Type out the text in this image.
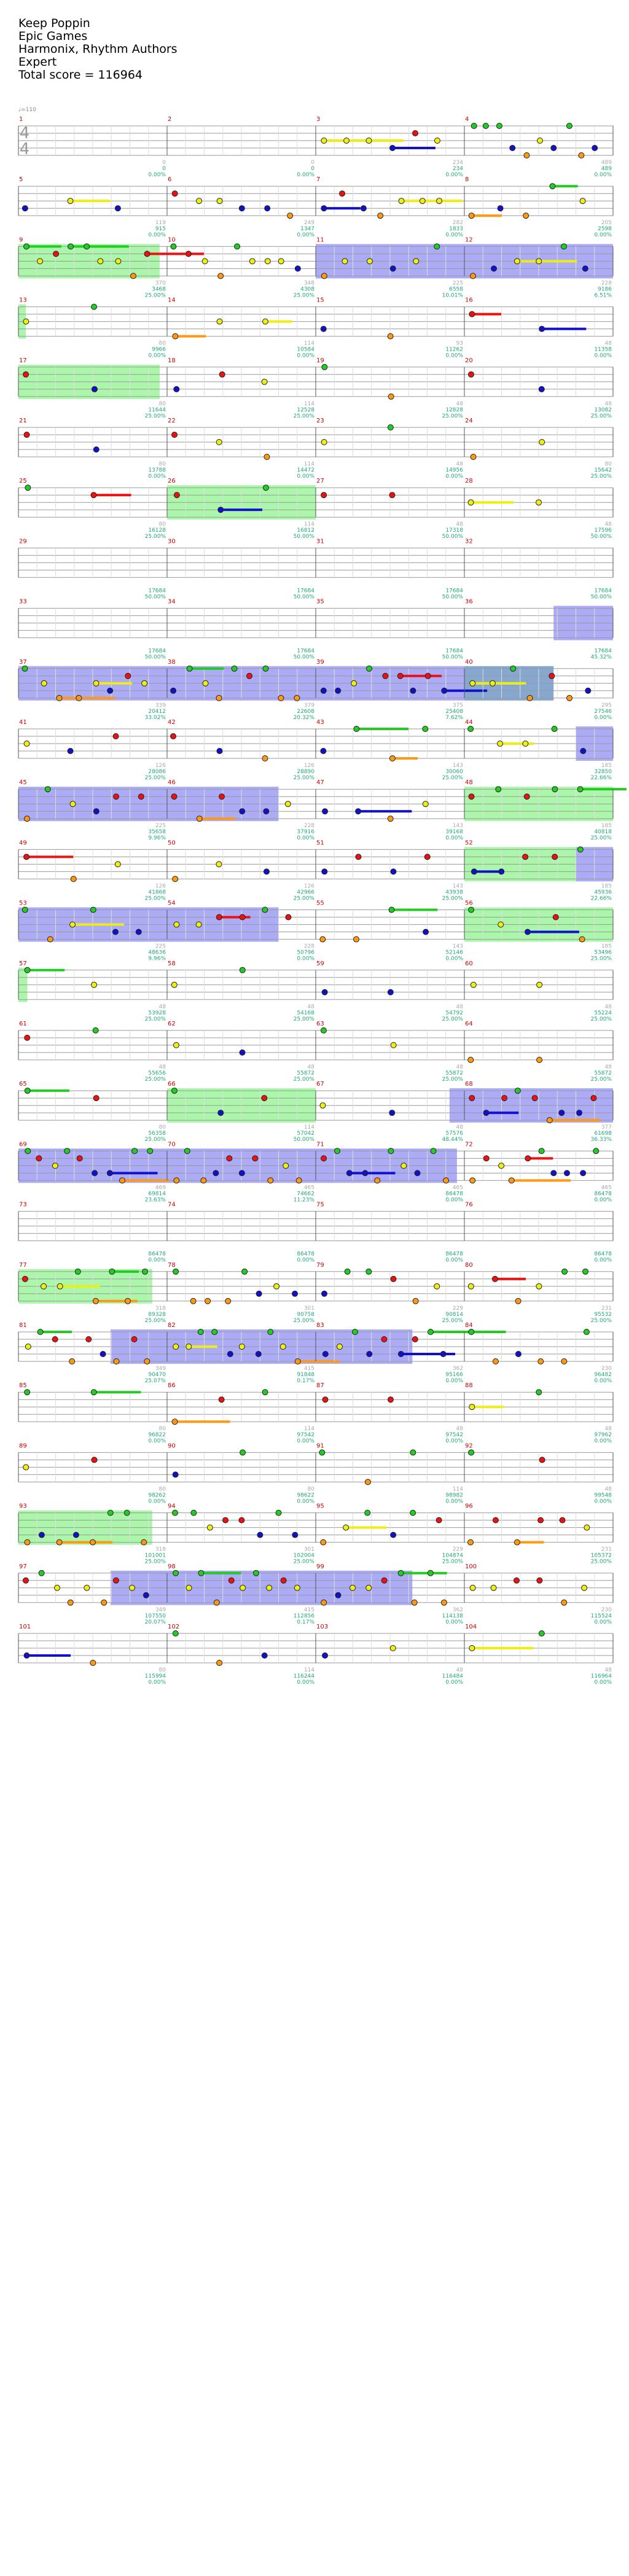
Keep Poppin
Epic Games
Harmonix, Rhythm Authors
Expert
Total score = 116964
1
0
0
0.00%
2
0
0
0.00%
3
234
234
0.00%
4
489
489
0.00%
5
119
915
0.00%
6
249
1347
0.00%
7
282
1833
0.00%
8
205
2598
0.00%
9
370
3468
25.00%
10
348
4308
25.00%
11
225
6558
10.01%
12
228
9186
6.51%
13
80
9966
0.00%
14
114
10584
0.00%
15
93
11262
0.00%
16
48
11358
0.00%
17
80
11644
25.00%
18
114
12528
25.00%
19
48
12828
25.00%
20
48
13082
25.00%
21
80
13788
0.00%
22
114
14472
0.00%
23
48
14956
0.00%
24
80
15642
25.00%
25
80
16128
25.00%
26
114
16812
50.00%
27
48
17318
50.00%
28
48
17596
50.00%
29
17684
50.00%
30
17684
50.00%
31
17684
50.00%
32
17684
50.00%
33
17684
50.00%
34
17684
50.00%
35
17684
50.00%
36
17684
45.32%
37
339
20412
33.02%
38
379
22608
20.32%
39
375
25408
7.62%
40
295
27546
0.00%
41
126
28086
25.00%
42
126
28890
25.00%
43
143
30060
25.00%
44
185
32850
22.66%
45
225
35658
9.96%
46
228
37916
0.00%
47
143
39168
0.00%
48
185
40818
25.00%
49
126
41868
25.00%
50
126
42966
25.00%
51
143
43938
25.00%
52
185
45936
22.66%
53
225
48636
9.96%
54
228
50796
0.00%
55
143
52146
0.00%
56
185
53496
25.00%
57
48
53928
25.00%
58
48
54168
25.00%
59
48
54792
25.00%
60
48
55224
25.00%
61
48
55656
25.00%
62
48
55872
25.00%
63
48
55872
25.00%
64
48
55872
25.00%
65
80
56358
25.00%
66
114
57042
50.00%
67
48
57576
48.44%
68
377
61698
36.33%
69
469
69814
23.63%
70
465
74662
11.23%
71
465
86478
0.00%
72
465
86478
0.00%
73
86478
0.00%
74
86478
0.00%
75
86478
0.00%
76
86478
0.00%
77
318
89328
25.00%
78
301
90758
25.00%
79
229
90814
25.00%
80
231
95532
25.00%
81
349
90470
25.07%
82
415
91848
0.17%
83
362
95166
0.00%
84
230
96482
0.00%
85
80
96822
0.00%
86
114
97542
0.00%
87
48
97542
0.00%
88
48
97962
0.00%
89
80
98262
0.00%
90
80
98622
0.00%
91
114
98982
0.00%
92
48
99548
0.00%
93
318
101001
25.00%
94
301
102004
25.00%
95
229
104874
25.00%
96
231
105372
25.00%
97
349
107550
20.07%
98
415
112856
0.17%
99
362
114138
0.00%
100
230
115524
0.00%
101
80
115994
0.00%
102
114
116244
0.00%
103
48
116484
0.00%
104
48
116964
0.00%
♩=110
4
4
